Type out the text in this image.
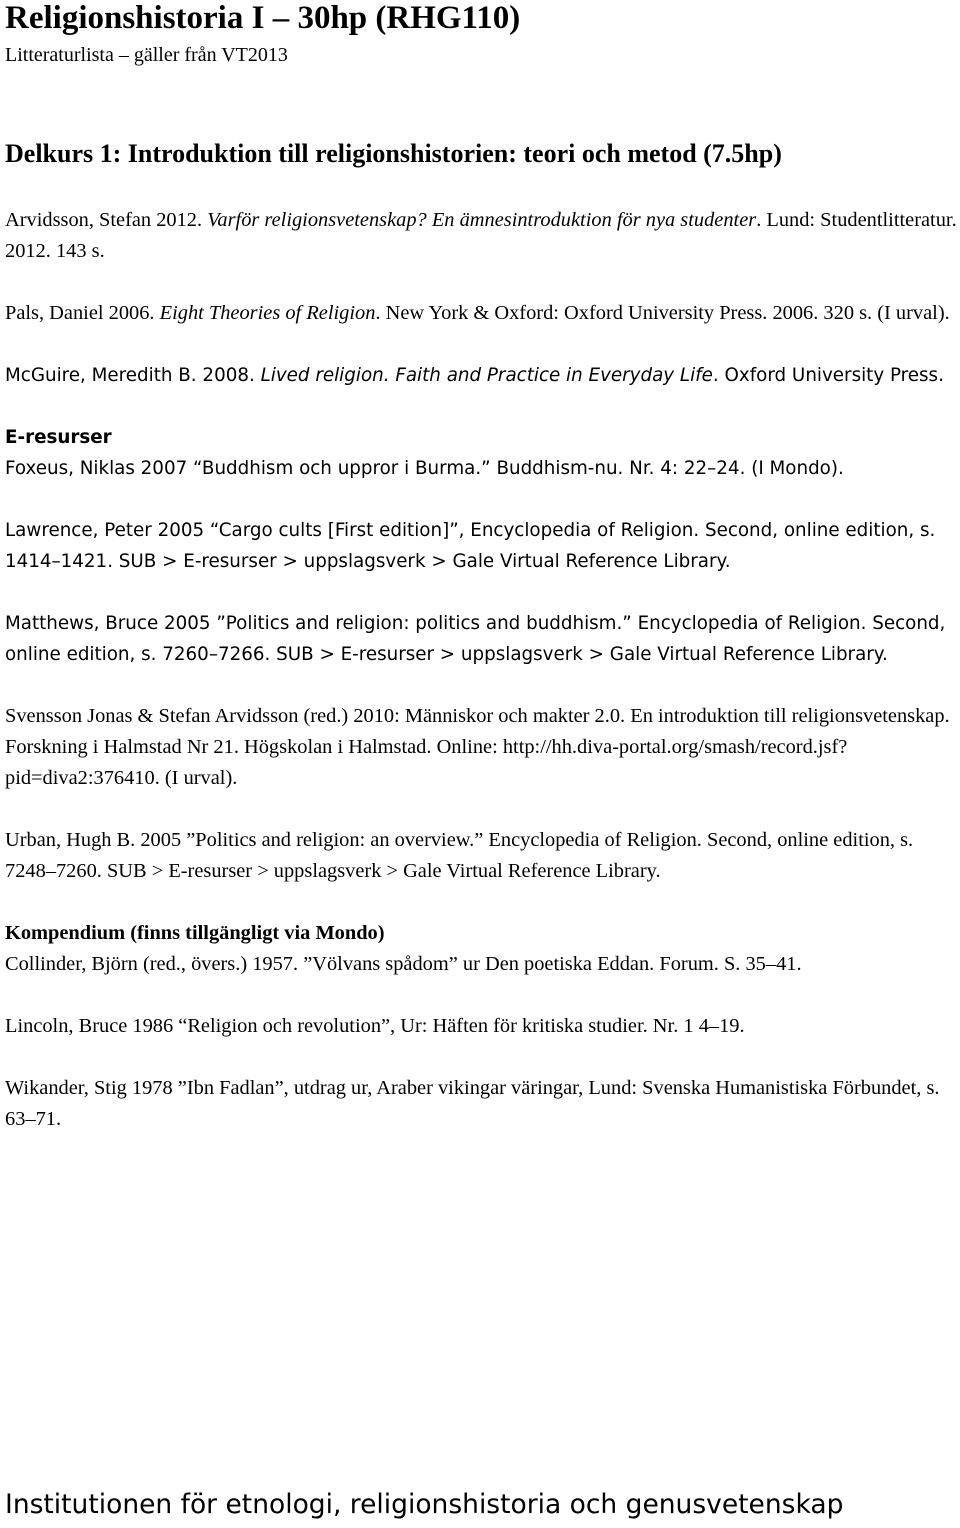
Religionshistoria I – 30hp (RHG110)
Litteraturlista – gäller från VT2013
Delkurs 1: Introduktion till religionshistorien: teori och metod (7.5hp)

Arvidsson, Stefan 2012. Varför religionsvetenskap? En ämnesintroduktion för nya studenter. Lund: Studentlitteratur. 2012. 143 s.

Pals, Daniel 2006. Eight Theories of Religion. New York & Oxford: Oxford University Press. 2006. 320 s. (I urval).

McGuire, Meredith B. 2008. Lived religion. Faith and Practice in Everyday Life. Oxford University Press.

E-resurser

Foxeus, Niklas 2007 “Buddhism och uppror i Burma.” Buddhism-nu. Nr. 4: 22–24. (I Mondo).

Lawrence, Peter 2005 “Cargo cults [First edition]”, Encyclopedia of Religion. Second, online edition, s. 1414–1421. SUB > E-resurser > uppslagsverk > Gale Virtual Reference Library.

Matthews, Bruce 2005 ”Politics and religion: politics and buddhism.” Encyclopedia of Religion. Second, online edition, s. 7260–7266. SUB > E-resurser > uppslagsverk > Gale Virtual Reference Library.

Svensson Jonas & Stefan Arvidsson (red.) 2010: Människor och makter 2.0. En introduktion till religionsvetenskap. Forskning i Halmstad Nr 21. Högskolan i Halmstad. Online: http://hh.diva-portal.org/smash/record.jsf?pid=diva2:376410. (I urval).

Urban, Hugh B. 2005 ”Politics and religion: an overview.” Encyclopedia of Religion. Second, online edition, s. 7248–7260. SUB > E-resurser > uppslagsverk > Gale Virtual Reference Library.

Kompendium (finns tillgängligt via Mondo)

Collinder, Björn (red., övers.) 1957. ”Völvans spådom” ur Den poetiska Eddan. Forum. S. 35–41.

Lincoln, Bruce 1986 “Religion och revolution”, Ur: Häften för kritiska studier. Nr. 1 4–19.

Wikander, Stig 1978 ”Ibn Fadlan”, utdrag ur, Araber vikingar väringar, Lund: Svenska Humanistiska Förbundet, s. 63–71.

Institutionen för etnologi, religionshistoria och genusvetenskap
